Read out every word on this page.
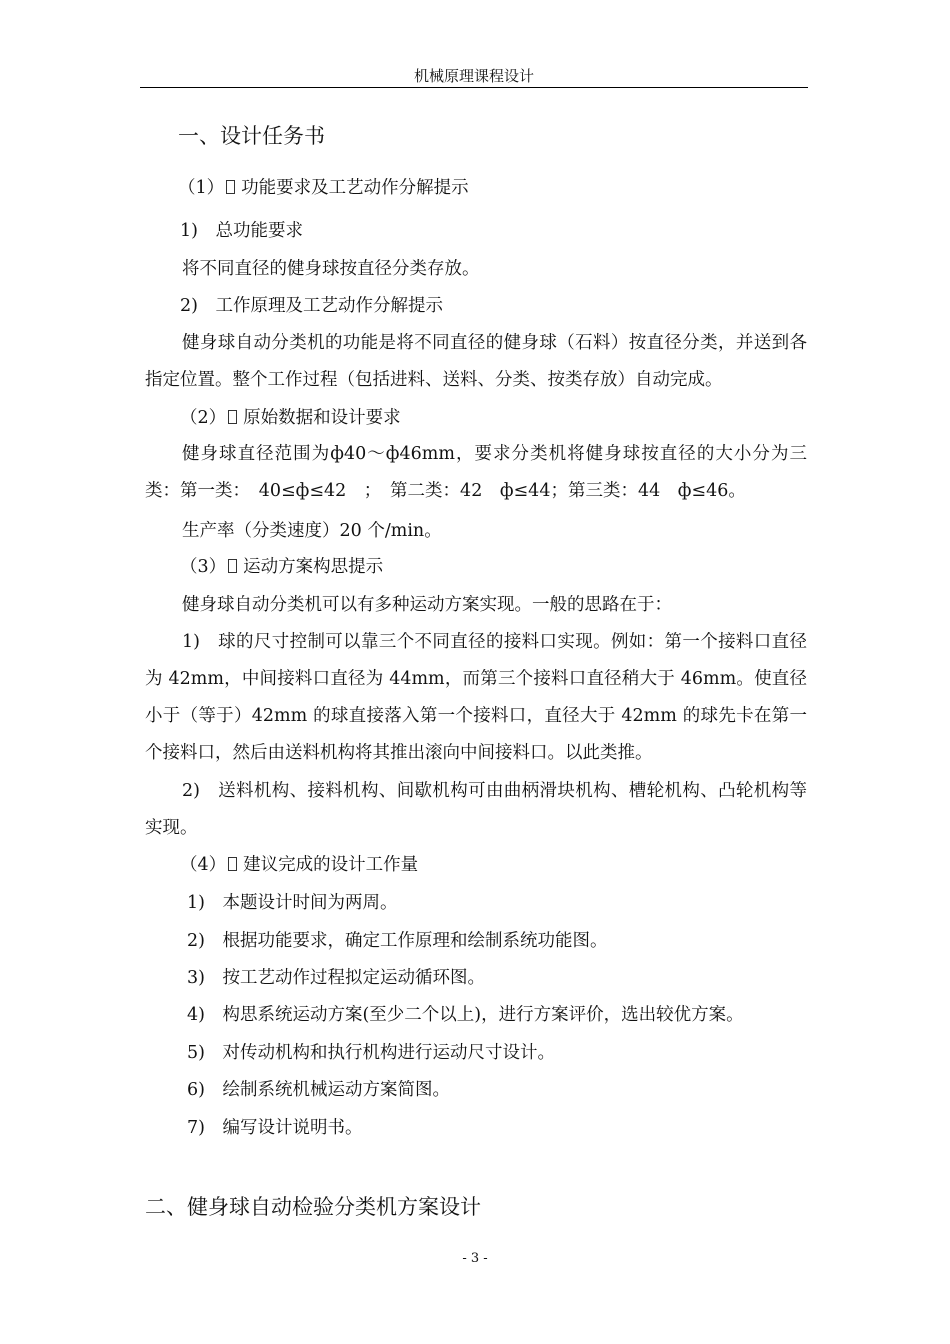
机械原理课程设计
一、设计任务书
（1） 功能要求及工艺动作分解提示
1)　总功能要求
将不同直径的健身球按直径分类存放。
2)　工作原理及工艺动作分解提示
健身球自动分类机的功能是将不同直径的健身球（石料）按直径分类，并送到各指定位置。整个工作过程（包括进料、送料、分类、按类存放）自动完成。
（2） 原始数据和设计要求
健身球直径范围为ф40～ф46mm，要求分类机将健身球按直径的大小分为三类：第一类：　40≤ф≤42　；　第二类：42　ф≤44；第三类：44　ф≤46。
生产率（分类速度）20 个/min。
（3） 运动方案构思提示
健身球自动分类机可以有多种运动方案实现。一般的思路在于：
1)　球的尺寸控制可以靠三个不同直径的接料口实现。例如：第一个接料口直径为 42mm，中间接料口直径为 44mm，而第三个接料口直径稍大于 46mm。使直径小于（等于）42mm 的球直接落入第一个接料口，直径大于 42mm 的球先卡在第一个接料口，然后由送料机构将其推出滚向中间接料口。以此类推。
2)　送料机构、接料机构、间歇机构可由曲柄滑块机构、槽轮机构、凸轮机构等实现。
（4） 建议完成的设计工作量
1)　本题设计时间为两周。
2)　根据功能要求，确定工作原理和绘制系统功能图。
3)　按工艺动作过程拟定运动循环图。
4)　构思系统运动方案(至少二个以上)，进行方案评价，选出较优方案。
5)　对传动机构和执行机构进行运动尺寸设计。
6)　绘制系统机械运动方案简图。
7)　编写设计说明书。
二、健身球自动检验分类机方案设计
- 3 -
